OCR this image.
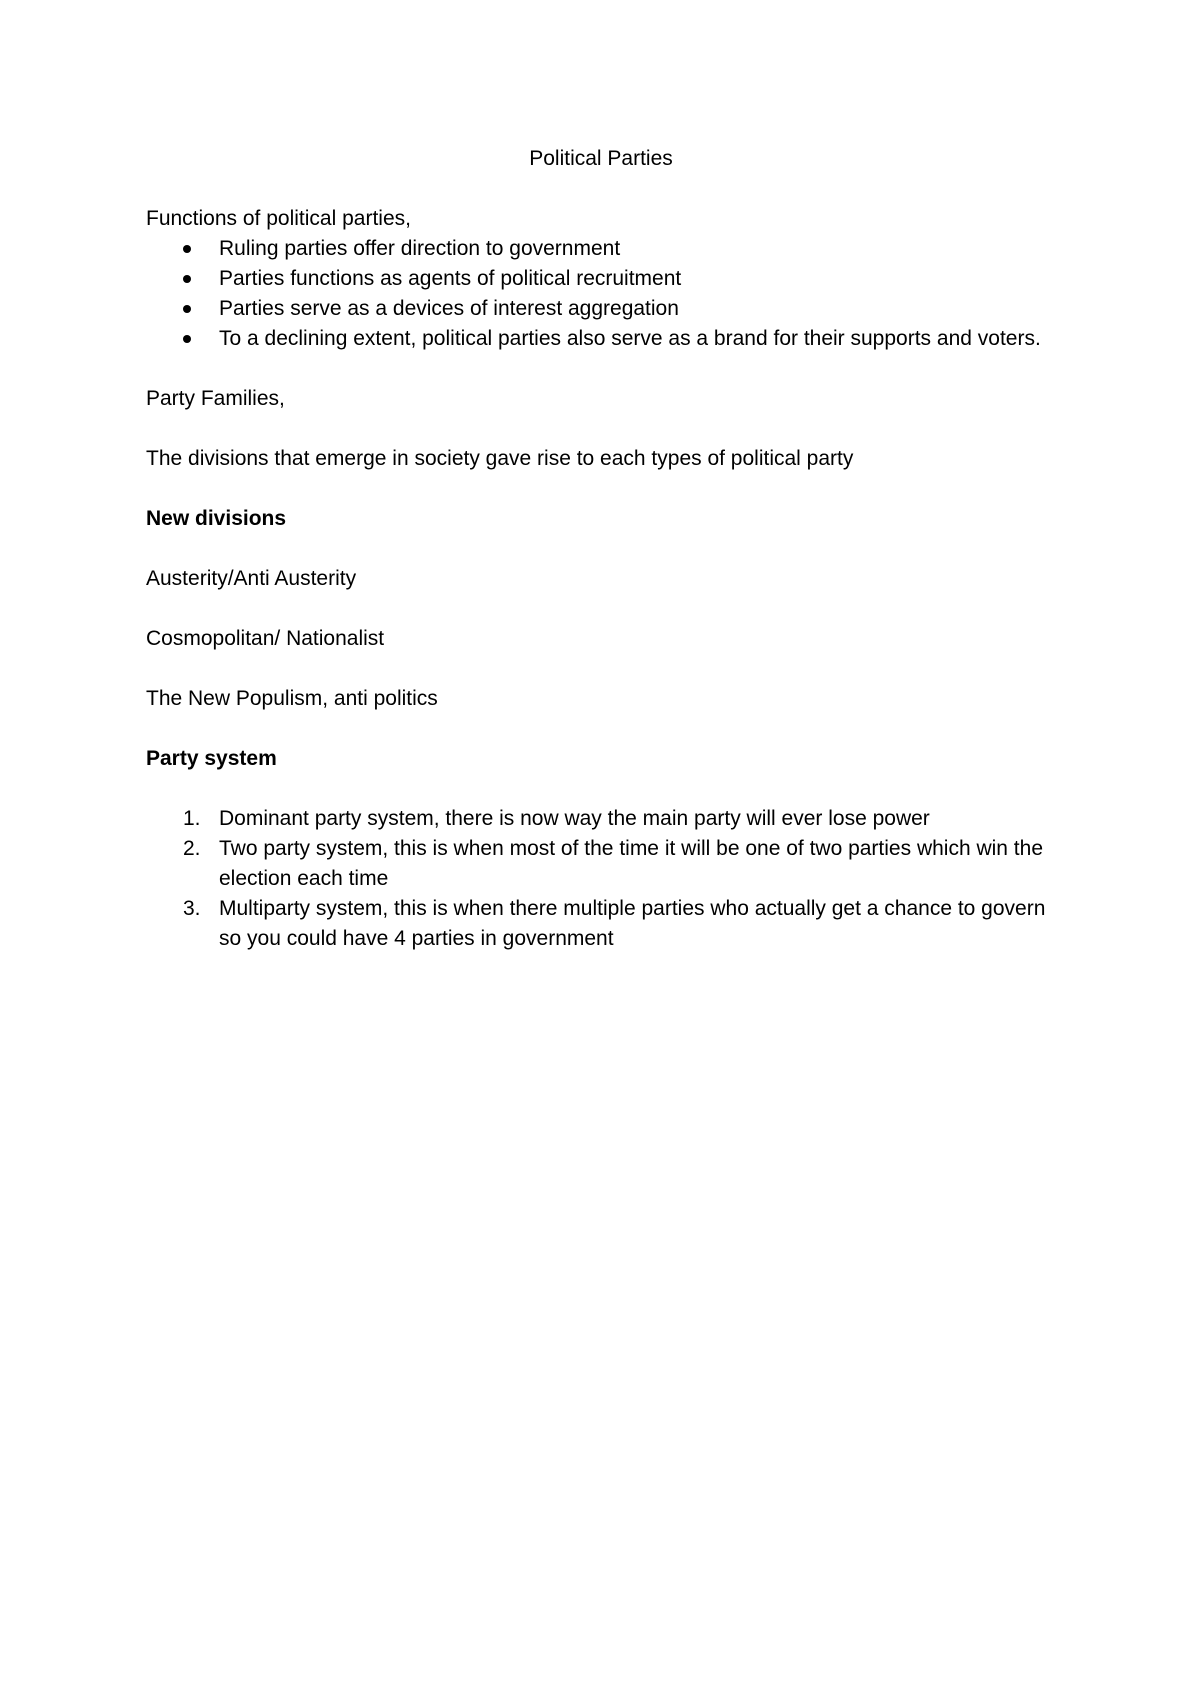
Political Parties

Functions of political parties,

Ruling parties offer direction to government
Parties functions as agents of political recruitment
Parties serve as a devices of interest aggregation
To a declining extent, political parties also serve as a brand for their supports and voters.

Party Families,

The divisions that emerge in society gave rise to each types of political party

New divisions

Austerity/Anti Austerity

Cosmopolitan/ Nationalist

The New Populism, anti politics

Party system

1. Dominant party system, there is now way the main party will ever lose power
2. Two party system, this is when most of the time it will be one of two parties which win the election each time
3. Multiparty system, this is when there multiple parties who actually get a chance to govern so you could have 4 parties in government
